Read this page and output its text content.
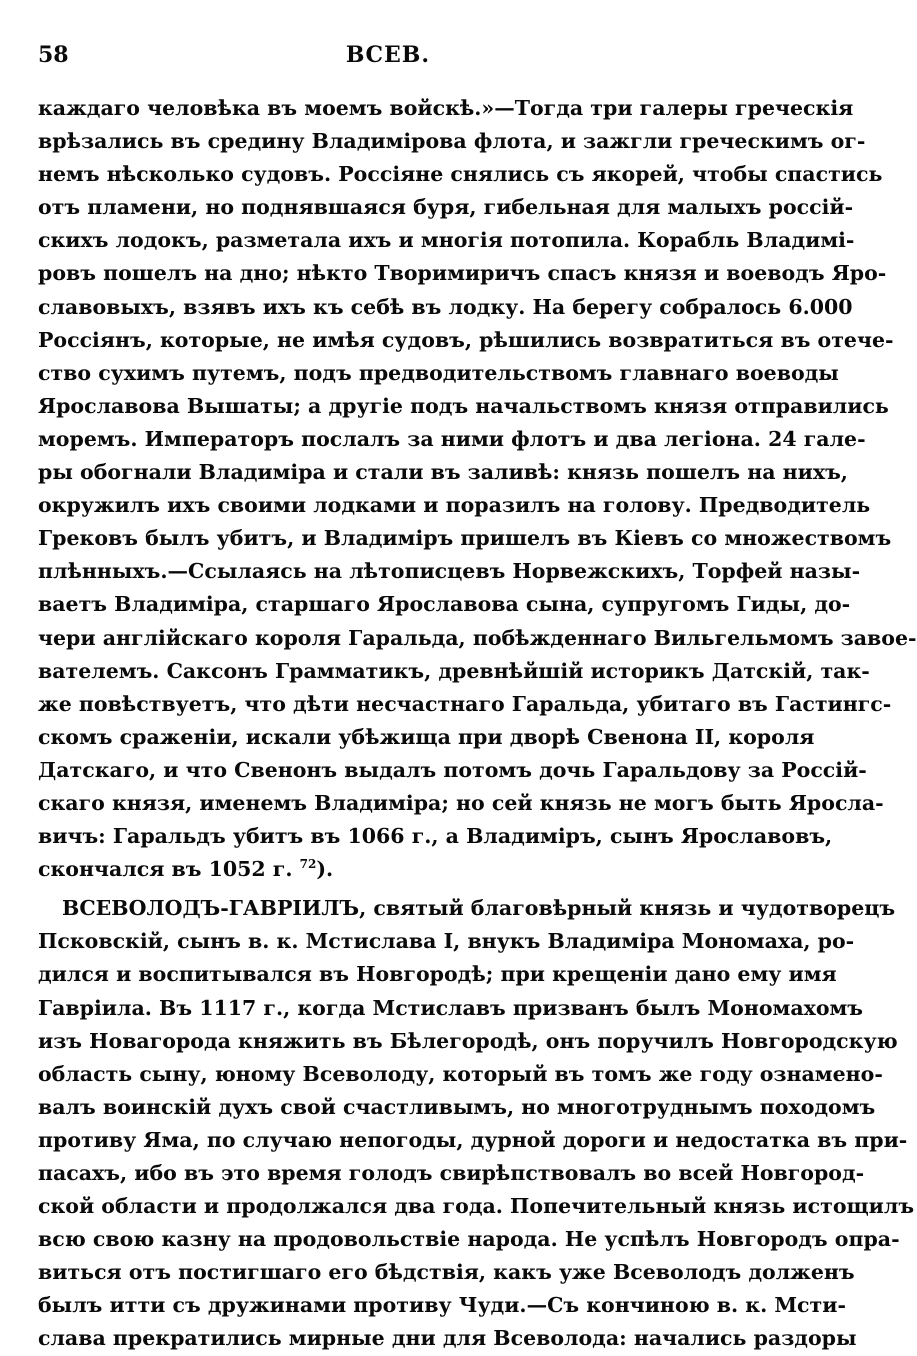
58	ВСЕВ.
каждаго человѣка въ моемъ войскѣ.»—Тогда три галеры греческія
врѣзались въ средину Владимірова флота, и зажгли греческимъ ог-
немъ нѣсколько судовъ. Россіяне снялись съ якорей, чтобы спастись
отъ пламени, но поднявшаяся буря, гибельная для малыхъ россій-
скихъ лодокъ, разметала ихъ и многія потопила. Корабль Владимі-
ровъ пошелъ на дно; нѣкто Творимиричъ спасъ князя и воеводъ Яро-
славовыхъ, взявъ ихъ къ себѣ въ лодку. На берегу собралось 6.000
Россіянъ, которые, не имѣя судовъ, рѣшились возвратиться въ отече-
ство сухимъ путемъ, подъ предводительствомъ главнаго воеводы
Ярославова Вышаты; а другіе подъ начальствомъ князя отправились
моремъ. Императоръ послалъ за ними флотъ и два легіона. 24 гале-
ры обогнали Владиміра и стали въ заливѣ: князь пошелъ на нихъ,
окружилъ ихъ своими лодками и поразилъ на голову. Предводитель
Грековъ былъ убитъ, и Владиміръ пришелъ въ Кіевъ со множествомъ
плѣнныхъ.—Ссылаясь на лѣтописцевъ Норвежскихъ, Торфей назы-
ваетъ Владиміра, старшаго Ярославова сына, супругомъ Гиды, до-
чери англійскаго короля Гаральда, побѣжденнаго Вильгельмомъ завое-
вателемъ. Саксонъ Грамматикъ, древнѣйшій историкъ Датскій, так-
же повѣствуетъ, что дѣти несчастнаго Гаральда, убитаго въ Гастингс-
скомъ сраженіи, искали убѣжища при дворѣ Свенона II, короля
Датскаго, и что Свенонъ выдалъ потомъ дочь Гаральдову за Россій-
скаго князя, именемъ Владиміра; но сей князь не могъ быть Яросла-
вичъ: Гаральдъ убитъ въ 1066 г., а Владиміръ, сынъ Ярославовъ,
скончался въ 1052 г. $^{72}$).
ВСЕВОЛОДЪ-ГАВРІИЛЪ, святый благовѣрный князь и чудотворецъ
Псковскій, сынъ в. к. Мстислава I, внукъ Владиміра Мономаха, ро-
дился и воспитывался въ Новгородѣ; при крещеніи дано ему имя
Гавріила. Въ 1117 г., когда Мстиславъ призванъ былъ Мономахомъ
изъ Новагорода княжить въ Бѣлегородѣ, онъ поручилъ Новгородскую
область сыну, юному Всеволоду, который въ томъ же году ознамено-
валъ воинскій духъ свой счастливымъ, но многотруднымъ походомъ
противу Яма, по случаю непогоды, дурной дороги и недостатка въ при-
пасахъ, ибо въ это время голодъ свирѣпствовалъ во всей Новгород-
ской области и продолжался два года. Попечительный князь истощилъ
всю свою казну на продовольствіе народа. Не успѣлъ Новгородъ опра-
виться отъ постигшаго его бѣдствія, какъ уже Всеволодъ долженъ
былъ итти съ дружинами противу Чуди.—Съ кончиною в. к. Мсти-
слава прекратились мирные дни для Всеволода: начались раздоры
